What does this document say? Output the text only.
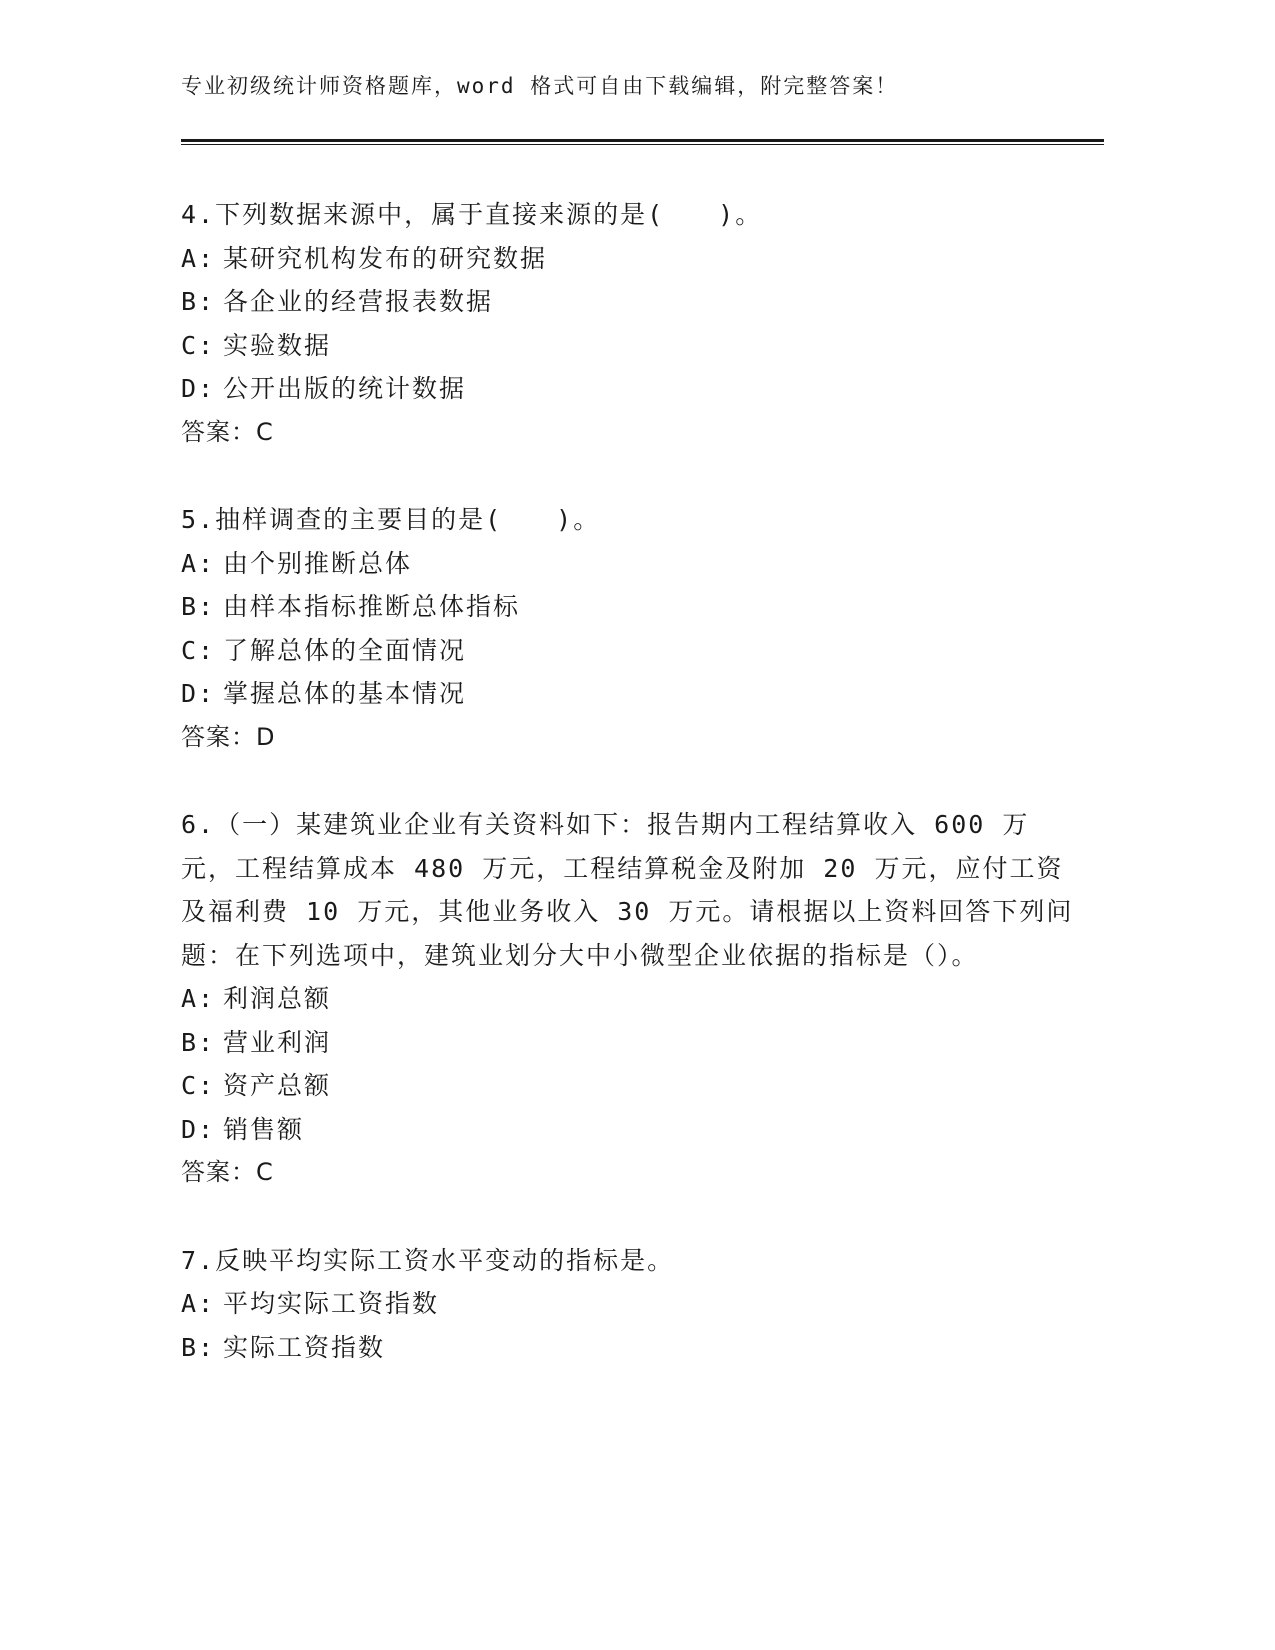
专业初级统计师资格题库，word 格式可自由下载编辑，附完整答案！

4.下列数据来源中，属于直接来源的是(　　)。

A: 某研究机构发布的研究数据
B: 各企业的经营报表数据
C: 实验数据
D: 公开出版的统计数据
答案：C

5.抽样调查的主要目的是(　　)。

A: 由个别推断总体
B: 由样本指标推断总体指标
C: 了解总体的全面情况
D: 掌握总体的基本情况
答案：D

6.（一）某建筑业企业有关资料如下：报告期内工程结算收入 600 万元，工程结算成本 480 万元，工程结算税金及附加 20 万元，应付工资及福利费 10 万元，其他业务收入 30 万元。请根据以上资料回答下列问题：在下列选项中，建筑业划分大中小微型企业依据的指标是（）。

A: 利润总额
B: 营业利润
C: 资产总额
D: 销售额
答案：C

7.反映平均实际工资水平变动的指标是。

A: 平均实际工资指数
B: 实际工资指数
